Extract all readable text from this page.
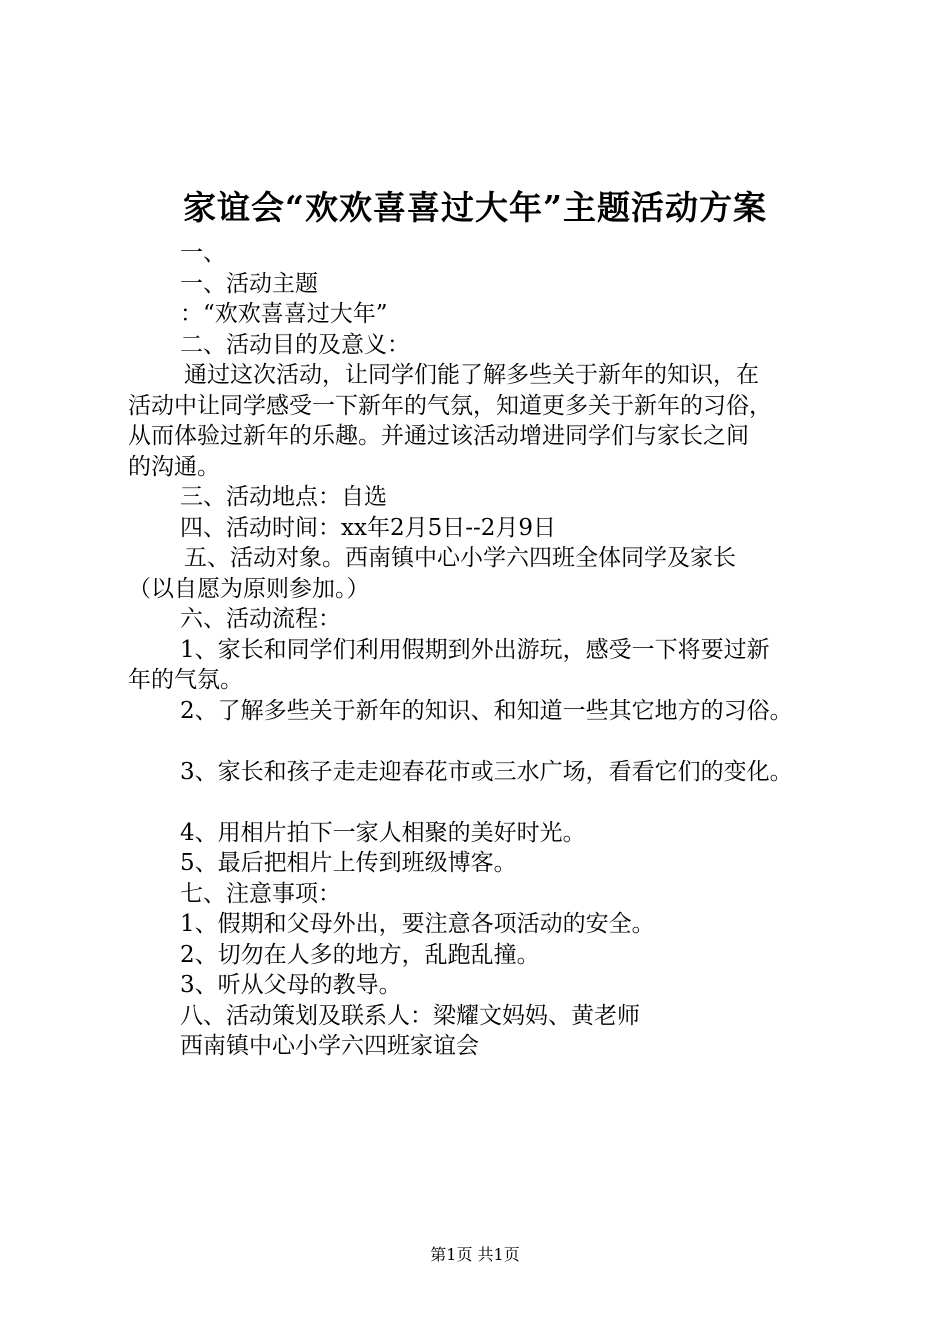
家谊会“欢欢喜喜过大年”主题活动方案
一、
一、活动主题
：“欢欢喜喜过大年”
二、活动目的及意义：
通过这次活动，让同学们能了解多些关于新年的知识，在
活动中让同学感受一下新年的气氛，知道更多关于新年的习俗，
从而体验过新年的乐趣。并通过该活动增进同学们与家长之间
的沟通。
三、活动地点：自选
四、活动时间：xx年2月5日--2月9日
五、活动对象。西南镇中心小学六四班全体同学及家长
（以自愿为原则参加。）
六、活动流程：
1、家长和同学们利用假期到外出游玩，感受一下将要过新
年的气氛。
2、了解多些关于新年的知识、和知道一些其它地方的习俗。
3、家长和孩子走走迎春花市或三水广场，看看它们的变化。
4、用相片拍下一家人相聚的美好时光。
5、最后把相片上传到班级博客。
七、注意事项：
1、假期和父母外出，要注意各项活动的安全。
2、切勿在人多的地方，乱跑乱撞。
3、听从父母的教导。
八、活动策划及联系人：梁耀文妈妈、黄老师
西南镇中心小学六四班家谊会
第1页 共1页
